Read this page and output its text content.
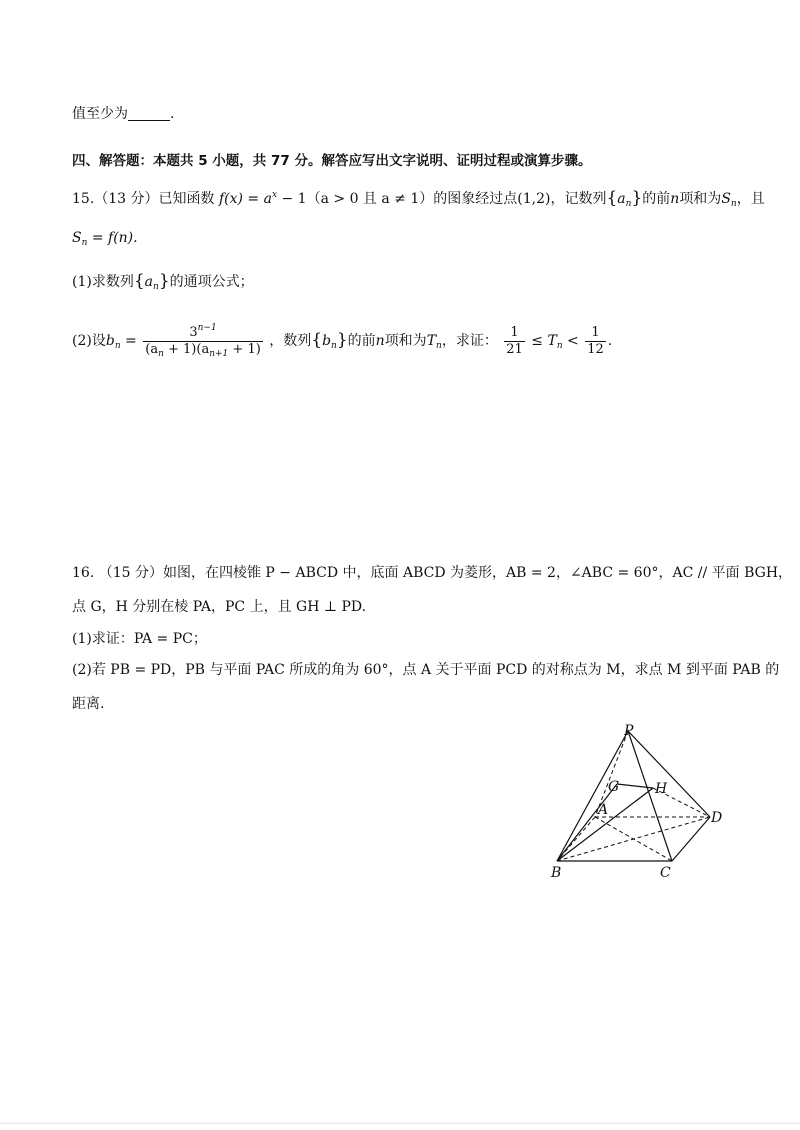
值至少为	.
四、解答题：本题共 5 小题，共 77 分。解答应写出文字说明、证明过程或演算步骤。
15.（13 分）已知函数 $f(x) = a^x - 1(a > 0$ 且 a ≠ 1）的图象经过点(1,2)，记数列$\{a_n\}$的前n项和为$S_n$，且
$S_n = f(n)$.
(1)求数列$\{a_n\}$的通项公式；
(2)设$b_n = \frac{3^{n-1}}{(a_n + 1)(a_{n+1} + 1)}$ ，数列$\{b_n\}$的前n项和为$T_n$，求证： $\frac{1}{21} \le T_n < \frac{1}{12}$ .
16. （15 分）如图，在四棱锥 P − ABCD 中，底面 ABCD 为菱形，AB = 2，∠ABC = 60°，AC // 平面 BGH，
点 G，H 分别在棱 PA，PC 上，且 GH ⊥ PD.
(1)求证：PA = PC；
(2)若 PB = PD，PB 与平面 PAC 所成的角为 60°，点 A 关于平面 PCD 的对称点为 M，求点 M 到平面 PAB 的
距离.
P
G	H
A	D
B	C
